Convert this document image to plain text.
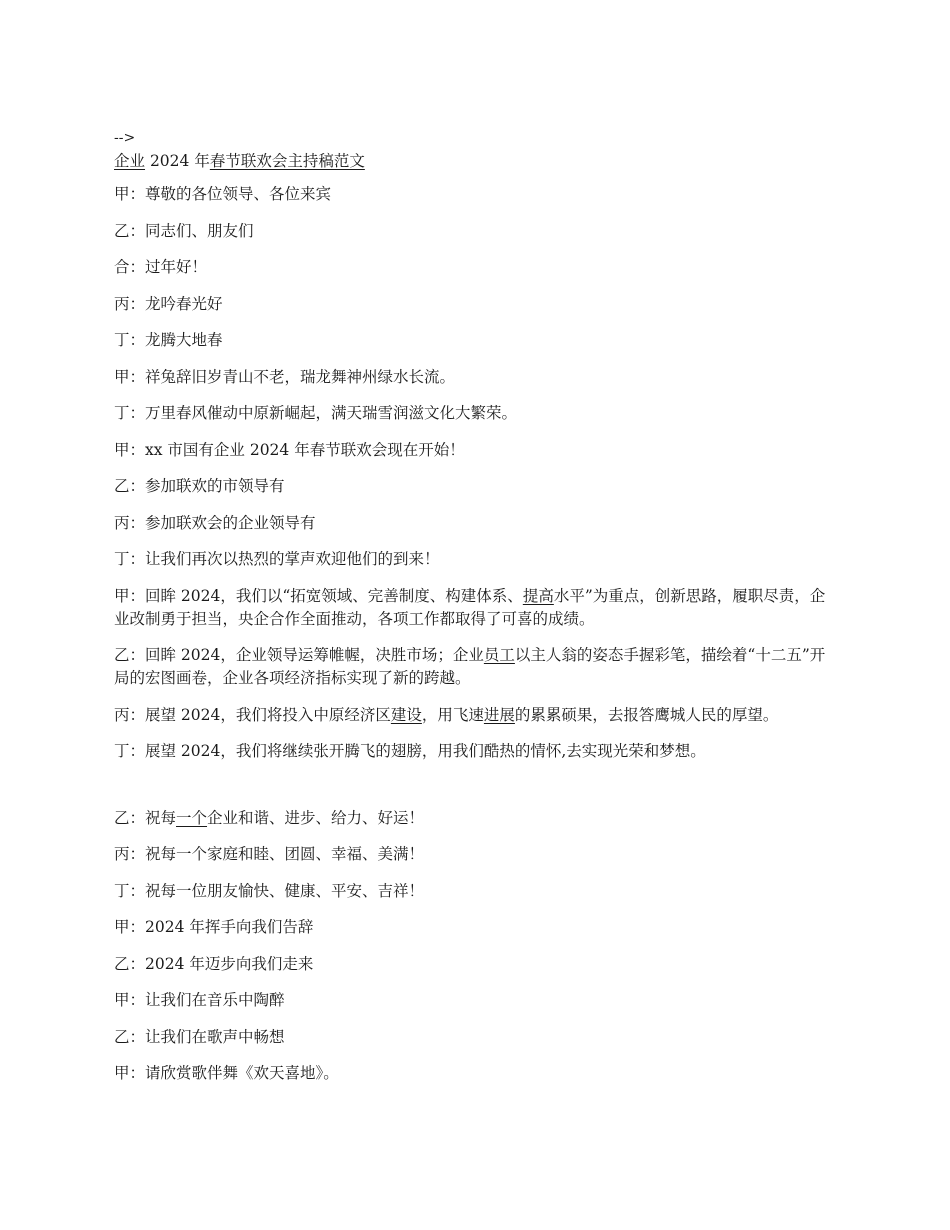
-->
企业 2024 年春节联欢会主持稿范文
甲：尊敬的各位领导、各位来宾
乙：同志们、朋友们
合：过年好！
丙：龙吟春光好
丁：龙腾大地春
甲：祥兔辞旧岁青山不老，瑞龙舞神州绿水长流。
丁：万里春风催动中原新崛起，满天瑞雪润滋文化大繁荣。
甲：xx 市国有企业 2024 年春节联欢会现在开始！
乙：参加联欢的市领导有
丙：参加联欢会的企业领导有
丁：让我们再次以热烈的掌声欢迎他们的到来！
甲：回眸 2024，我们以“拓宽领域、完善制度、构建体系、提高水平”为重点，创新思路，履职尽责，企业改制勇于担当，央企合作全面推动，各项工作都取得了可喜的成绩。
乙：回眸 2024，企业领导运筹帷幄，决胜市场；企业员工以主人翁的姿态手握彩笔，描绘着“十二五”开局的宏图画卷，企业各项经济指标实现了新的跨越。
丙：展望 2024，我们将投入中原经济区建设，用飞速进展的累累硕果，去报答鹰城人民的厚望。
丁：展望 2024，我们将继续张开腾飞的翅膀，用我们酷热的情怀,去实现光荣和梦想。
乙：祝每一个企业和谐、进步、给力、好运！
丙：祝每一个家庭和睦、团圆、幸福、美满！
丁：祝每一位朋友愉快、健康、平安、吉祥！
甲：2024 年挥手向我们告辞
乙：2024 年迈步向我们走来
甲：让我们在音乐中陶醉
乙：让我们在歌声中畅想
甲：请欣赏歌伴舞《欢天喜地》。
